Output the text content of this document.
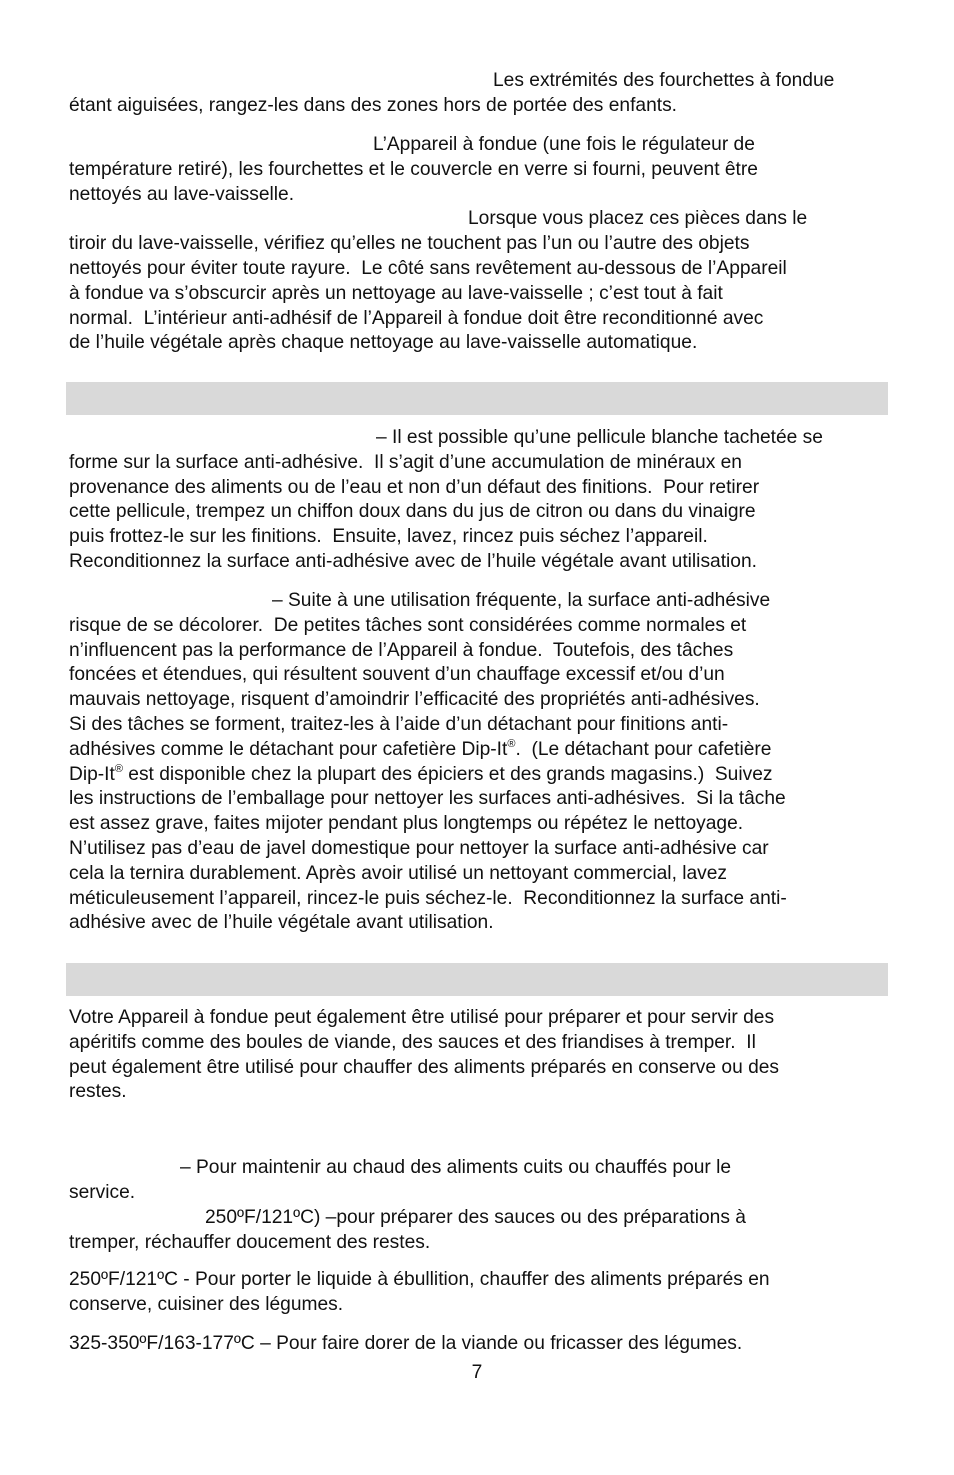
Les extrémités des fourchettes à fondue
étant aiguisées, rangez-les dans des zones hors de portée des enfants.
L’Appareil à fondue (une fois le régulateur de
température retiré), les fourchettes et le couvercle en verre si fourni, peuvent être
nettoyés au lave-vaisselle.
Lorsque vous placez ces pièces dans le
tiroir du lave-vaisselle, vérifiez qu’elles ne touchent pas l’un ou l’autre des objets
nettoyés pour éviter toute rayure.  Le côté sans revêtement au-dessous de l’Appareil
à fondue va s’obscurcir après un nettoyage au lave-vaisselle ; c’est tout à fait
normal.  L’intérieur anti-adhésif de l’Appareil à fondue doit être reconditionné avec
de l’huile végétale après chaque nettoyage au lave-vaisselle automatique.
– Il est possible qu’une pellicule blanche tachetée se
forme sur la surface anti-adhésive.  Il s’agit d’une accumulation de minéraux en
provenance des aliments ou de l’eau et non d’un défaut des finitions.  Pour retirer
cette pellicule, trempez un chiffon doux dans du jus de citron ou dans du vinaigre
puis frottez-le sur les finitions.  Ensuite, lavez, rincez puis séchez l’appareil.
Reconditionnez la surface anti-adhésive avec de l’huile végétale avant utilisation.
– Suite à une utilisation fréquente, la surface anti-adhésive
risque de se décolorer.  De petites tâches sont considérées comme normales et
n’influencent pas la performance de l’Appareil à fondue.  Toutefois, des tâches
foncées et étendues, qui résultent souvent d’un chauffage excessif et/ou d’un
mauvais nettoyage, risquent d’amoindrir l’efficacité des propriétés anti-adhésives.
Si des tâches se forment, traitez-les à l’aide d’un détachant pour finitions anti-
adhésives comme le détachant pour cafetière Dip-It®.  (Le détachant pour cafetière
Dip-It® est disponible chez la plupart des épiciers et des grands magasins.)  Suivez
les instructions de l’emballage pour nettoyer les surfaces anti-adhésives.  Si la tâche
est assez grave, faites mijoter pendant plus longtemps ou répétez le nettoyage.
N’utilisez pas d’eau de javel domestique pour nettoyer la surface anti-adhésive car
cela la ternira durablement. Après avoir utilisé un nettoyant commercial, lavez
méticuleusement l’appareil, rincez-le puis séchez-le.  Reconditionnez la surface anti-
adhésive avec de l’huile végétale avant utilisation.
Votre Appareil à fondue peut également être utilisé pour préparer et pour servir des
apéritifs comme des boules de viande, des sauces et des friandises à tremper.  Il
peut également être utilisé pour chauffer des aliments préparés en conserve ou des
restes.
– Pour maintenir au chaud des aliments cuits ou chauffés pour le
service.
250ºF/121ºC) –pour préparer des sauces ou des préparations à
tremper, réchauffer doucement des restes.
250ºF/121ºC - Pour porter le liquide à ébullition, chauffer des aliments préparés en
conserve, cuisiner des légumes.
325-350ºF/163-177ºC – Pour faire dorer de la viande ou fricasser des légumes.
7
